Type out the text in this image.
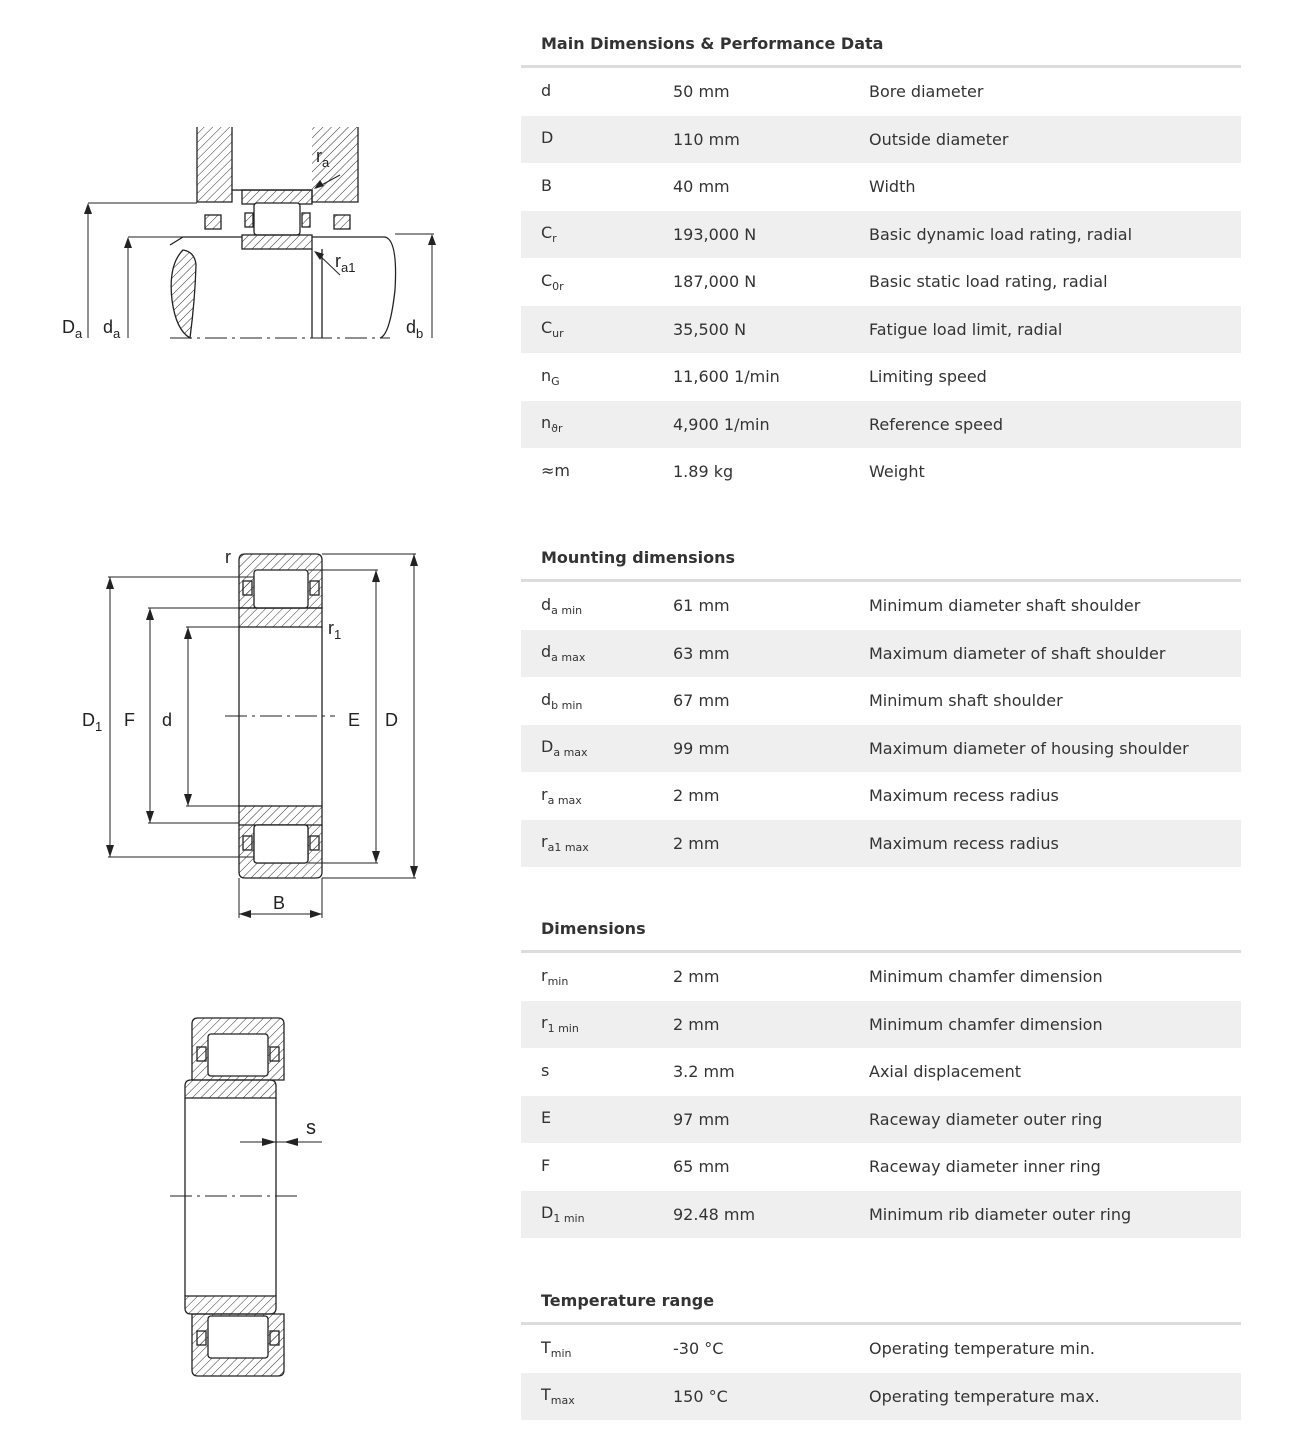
$r_a$
$r_{a1}$
$D_a$ $d_a$	$d_b$
r
$r_1$
$D_1$ F d	E D
B
s
Main Dimensions & Performance Data
d	50 mm	Bore diameter
D	110 mm	Outside diameter
B	40 mm	Width
$C_r$	193,000 N	Basic dynamic load rating, radial
$C_{0r}$	187,000 N	Basic static load rating, radial
$C_{ur}$	35,500 N	Fatigue load limit, radial
$n_G$	11,600 1/min	Limiting speed
$n_{ϑr}$	4,900 1/min	Reference speed
≈m	1.89 kg	Weight
Mounting dimensions
$d_{a min}$	61 mm	Minimum diameter shaft shoulder
$d_{a max}$	63 mm	Maximum diameter of shaft shoulder
$d_{b min}$	67 mm	Minimum shaft shoulder
$D_{a max}$	99 mm	Maximum diameter of housing shoulder
$r_{a max}$	2 mm	Maximum recess radius
$r_{a1 max}$	2 mm	Maximum recess radius
Dimensions
$r_{min}$	2 mm	Minimum chamfer dimension
$r_{1 min}$	2 mm	Minimum chamfer dimension
s	3.2 mm	Axial displacement
E	97 mm	Raceway diameter outer ring
F	65 mm	Raceway diameter inner ring
$D_{1 min}$	92.48 mm	Minimum rib diameter outer ring
Temperature range
$T_{min}$	-30 °C	Operating temperature min.
$T_{max}$	150 °C	Operating temperature max.
